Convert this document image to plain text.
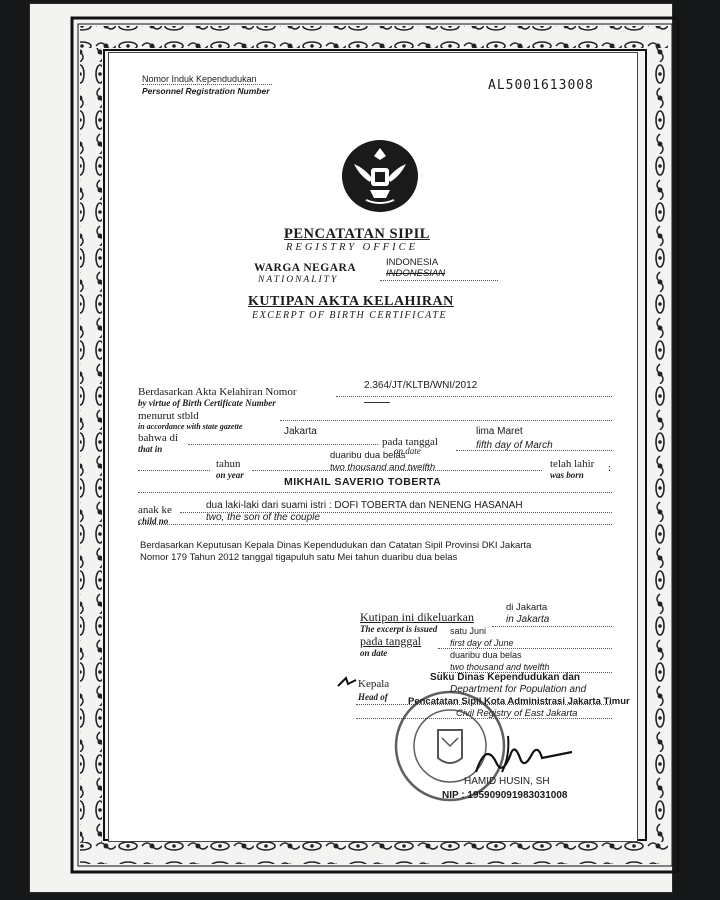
Nomor Induk Kependudukan
Personnel Registration Number	AL5001613008
PENCATATAN SIPIL
REGISTRY OFFICE
WARGA NEGARA
NATIONALITY
INDONESIA
INDONESIAN
KUTIPAN AKTA KELAHIRAN
EXCERPT OF BIRTH CERTIFICATE
Berdasarkan Akta Kelahiran Nomor
by virtue of Birth Certificate Number
2.364/JT/KLTB/WNI/2012
menurut stbld
in accordance with state gazette
bahwa di
that in
Jakarta
pada tanggal
on date
lima Maret
fifth day of March
duaribu dua belas
two thousand and twelfth
tahun
on year
telah lahir
was born
:
MIKHAIL SAVERIO TOBERTA
anak ke
child no
dua laki-laki dari suami istri : DOFI TOBERTA dan NENENG HASANAH
two, the son of the couple
Berdasarkan Keputusan Kepala Dinas Kependudukan dan Catatan Sipil Provinsi DKI Jakarta
Nomor 179 Tahun 2012 tanggal tigapuluh satu Mei tahun duaribu dua belas
di Jakarta
Kutipan ini dikeluarkan
The excerpt is issued
in Jakarta
satu Juni
pada tanggal
on date
first day of June
duaribu dua belas
two thousand and twelfth
Kepala
Head of
Suku Dinas Kependudukan dan
Department for Population and
Pencatatan Sipil Kota Administrasi Jakarta Timur
Civil Registry of East Jakarta
HAMID HUSIN, SH
NIP : 195909091983031008
